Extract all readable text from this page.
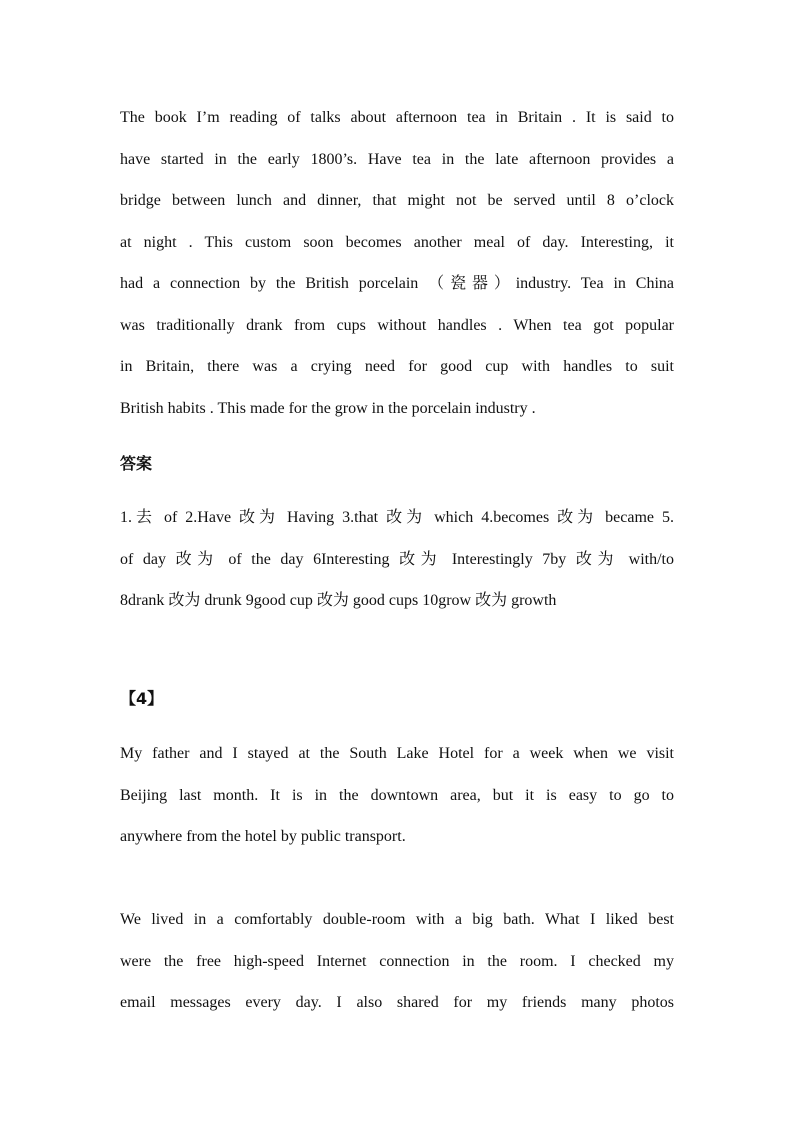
The book I’m reading of talks about afternoon tea in Britain . It is said to
have started in the early 1800’s. Have tea in the late afternoon provides a
bridge between lunch and dinner, that might not be served until 8 o’clock
at night . This custom soon becomes another meal of day. Interesting, it
had a connection by the British porcelain （瓷器）industry. Tea in China
was traditionally drank from cups without handles . When tea got popular
in Britain, there was a crying need for good cup with handles to suit
British habits . This made for the grow in the porcelain industry .
答案
1.去 of 2.Have 改为 Having 3.that 改为 which 4.becomes 改为 became 5.
of day 改为 of the day 6Interesting 改为 Interestingly 7by 改为 with/to
8drank 改为 drunk 9good cup 改为 good cups 10grow 改为 growth
【4】
My father and I stayed at the South Lake Hotel for a week when we visit
Beijing last month. It is in the downtown area, but it is easy to go to
anywhere from the hotel by public transport.
We lived in a comfortably double-room with a big bath. What I liked best
were the free high-speed Internet connection in the room. I checked my
email messages every day. I also shared for my friends many photos
